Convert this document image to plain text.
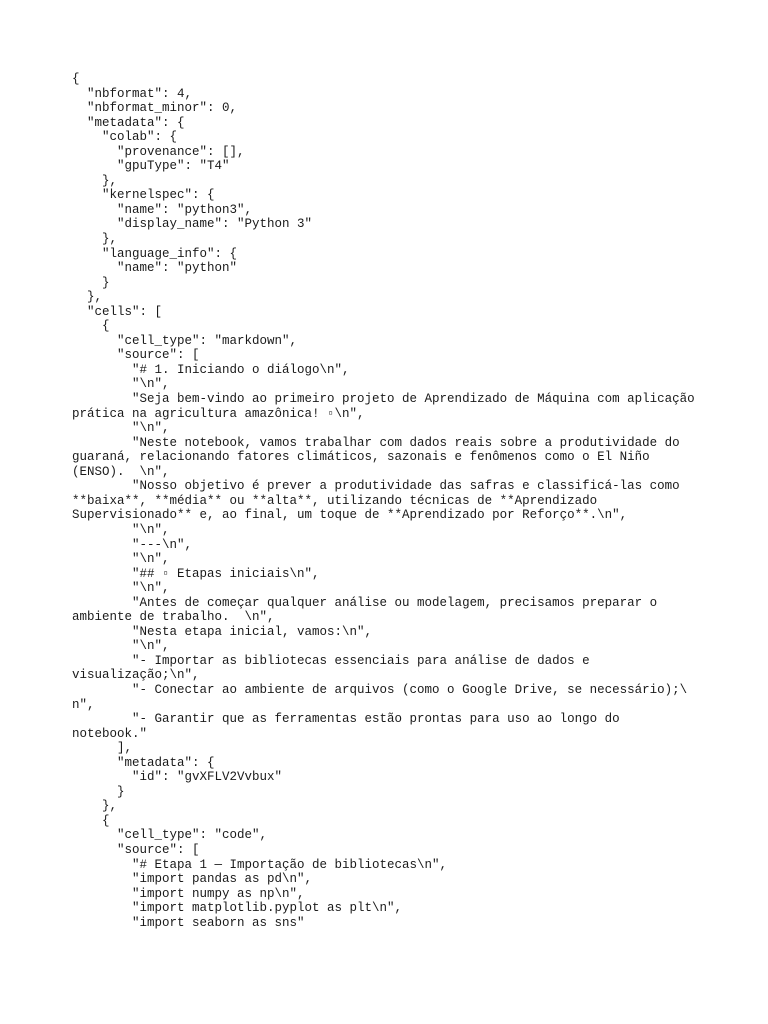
{
"nbformat": 4,
"nbformat_minor": 0,
"metadata": {
"colab": {
"provenance": [],
"gpuType": "T4"
},
"kernelspec": {
"name": "python3",
"display_name": "Python 3"
},
"language_info": {
"name": "python"
}
},
"cells": [
{
"cell_type": "markdown",
"source": [
"# 1. Iniciando o diálogo\n",
"\n",
"Seja bem-vindo ao primeiro projeto de Aprendizado de Máquina com aplicação
prática na agricultura amazônica! ▫\n",
"\n",
"Neste notebook, vamos trabalhar com dados reais sobre a produtividade do
guaraná, relacionando fatores climáticos, sazonais e fenômenos como o El Niño
(ENSO).  \n",
"Nosso objetivo é prever a produtividade das safras e classificá-las como
**baixa**, **média** ou **alta**, utilizando técnicas de **Aprendizado
Supervisionado** e, ao final, um toque de **Aprendizado por Reforço**.\n",
"\n",
"---\n",
"\n",
"## ▫ Etapas iniciais\n",
"\n",
"Antes de começar qualquer análise ou modelagem, precisamos preparar o
ambiente de trabalho.  \n",
"Nesta etapa inicial, vamos:\n",
"\n",
"- Importar as bibliotecas essenciais para análise de dados e
visualização;\n",
"- Conectar ao ambiente de arquivos (como o Google Drive, se necessário);\
n",
"- Garantir que as ferramentas estão prontas para uso ao longo do
notebook."
],
"metadata": {
"id": "gvXFLV2Vvbux"
}
},
{
"cell_type": "code",
"source": [
"# Etapa 1 — Importação de bibliotecas\n",
"import pandas as pd\n",
"import numpy as np\n",
"import matplotlib.pyplot as plt\n",
"import seaborn as sns"
